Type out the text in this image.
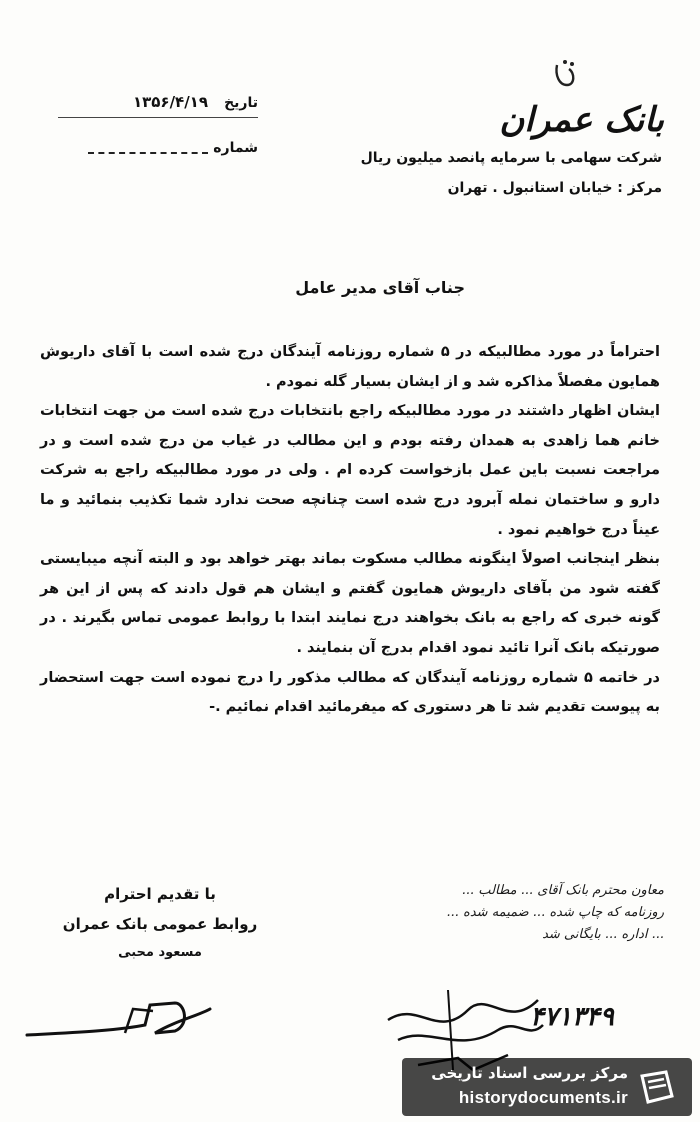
بانک عمران
شرکت سهامی با سرمایه پانصد میلیون ریال
مرکز : خیابان استانبول . تهران
تاریخ
۱۳۵۶/۴/۱۹
شماره
جناب آقای مدیر عامل

احتراماً در مورد مطالبیکه در ۵ شماره روزنامه آیندگان درج شده است با آقای داریوش همایون مفصلاً مذاکره شد و از ایشان بسیار گله نمودم .

ایشان اظهار داشتند در مورد مطالبیکه راجع بانتخابات درج شده است من جهت انتخابات خانم هما زاهدی به همدان رفته بودم و این مطالب در غیاب من درج شده است و در مراجعت نسبت باین عمل بازخواست کرده ام . ولی در مورد مطالبیکه راجع به شرکت دارو و ساختمان نمله آبرود درج شده است چنانچه صحت ندارد شما تکذیب بنمائید و ما عیناً درج خواهیم نمود .

بنظر اینجانب اصولاً اینگونه مطالب مسکوت بماند بهتر خواهد بود و البته آنچه میبایستی گفته شود من بآقای داریوش همایون گفتم و ایشان هم قول دادند که پس از این هر گونه خبری که راجع به بانک بخواهند درج نمایند ابتدا با روابط عمومی تماس بگیرند . در صورتیکه بانک آنرا تائید نمود اقدام بدرج آن بنمایند .

در خاتمه ۵ شماره روزنامه آیندگان که مطالب مذکور را درج نموده است جهت استحضار به پیوست تقدیم شد تا هر دستوری که میفرمائید اقدام نمائیم .-

با تقدیم احترام
روابط عمومی بانک عمران
مسعود محبی
معاون محترم بانک آقای ... مطالب ...
روزنامه که چاپ شده ... ضمیمه شده ...
... اداره ... بایگانی شد
۴۷۱۳۴۹
مرکز بررسی اسناد تاریخی
historydocuments.ir
